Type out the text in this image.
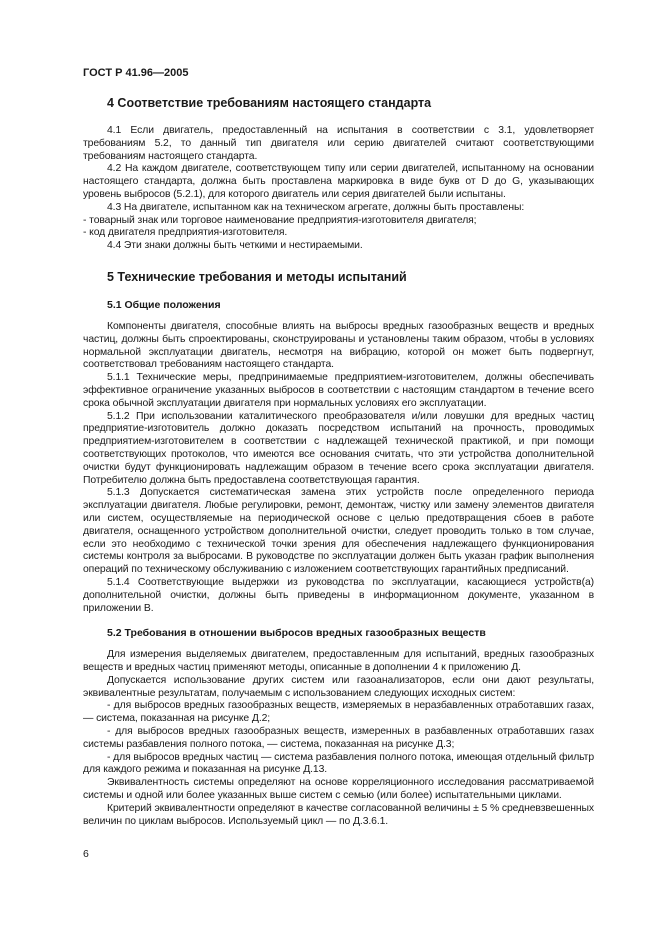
ГОСТ Р 41.96—2005
4 Соответствие требованиям настоящего стандарта

4.1 Если двигатель, предоставленный на испытания в соответствии с 3.1, удовлетворяет требованиям 5.2, то данный тип двигателя или серию двигателей считают соответствующими требованиям настоящего стандарта.

4.2 На каждом двигателе, соответствующем типу или серии двигателей, испытанному на основании настоящего стандарта, должна быть проставлена маркировка в виде букв от D до G, указывающих уровень выбросов (5.2.1), для которого двигатель или серия двигателей были испытаны.

4.3 На двигателе, испытанном как на техническом агрегате, должны быть проставлены:

- товарный знак или торговое наименование предприятия-изготовителя двигателя;

- код двигателя предприятия-изготовителя.

4.4 Эти знаки должны быть четкими и нестираемыми.

5 Технические требования и методы испытаний
5.1 Общие положения

Компоненты двигателя, способные влиять на выбросы вредных газообразных веществ и вредных частиц, должны быть спроектированы, сконструированы и установлены таким образом, чтобы в условиях нормальной эксплуатации двигатель, несмотря на вибрацию, которой он может быть подвергнут, соответствовал требованиям настоящего стандарта.

5.1.1 Технические меры, предпринимаемые предприятием-изготовителем, должны обеспечивать эффективное ограничение указанных выбросов в соответствии с настоящим стандартом в течение всего срока обычной эксплуатации двигателя при нормальных условиях его эксплуатации.

5.1.2 При использовании каталитического преобразователя и/или ловушки для вредных частиц предприятие-изготовитель должно доказать посредством испытаний на прочность, проводимых предприятием-изготовителем в соответствии с надлежащей технической практикой, и при помощи соответствующих протоколов, что имеются все основания считать, что эти устройства дополнительной очистки будут функционировать надлежащим образом в течение всего срока эксплуатации двигателя. Потребителю должна быть предоставлена соответствующая гарантия.

5.1.3 Допускается систематическая замена этих устройств после определенного периода эксплуатации двигателя. Любые регулировки, ремонт, демонтаж, чистку или замену элементов двигателя или систем, осуществляемые на периодической основе с целью предотвращения сбоев в работе двигателя, оснащенного устройством дополнительной очистки, следует проводить только в том случае, если это необходимо с технической точки зрения для обеспечения надлежащего функционирования системы контроля за выбросами. В руководстве по эксплуатации должен быть указан график выполнения операций по техническому обслуживанию с изложением соответствующих гарантийных предписаний.

5.1.4 Соответствующие выдержки из руководства по эксплуатации, касающиеся устройств(а) дополнительной очистки, должны быть приведены в информационном документе, указанном в приложении В.

5.2 Требования в отношении выбросов вредных газообразных веществ

Для измерения выделяемых двигателем, предоставленным для испытаний, вредных газообразных веществ и вредных частиц применяют методы, описанные в дополнении 4 к приложению Д.

Допускается использование других систем или газоанализаторов, если они дают результаты, эквивалентные результатам, получаемым с использованием следующих исходных систем:

- для выбросов вредных газообразных веществ, измеряемых в неразбавленных отработавших газах, — система, показанная на рисунке Д.2;

- для выбросов вредных газообразных веществ, измеренных в разбавленных отработавших газах системы разбавления полного потока, — система, показанная на рисунке Д.3;

- для выбросов вредных частиц — система разбавления полного потока, имеющая отдельный фильтр для каждого режима и показанная на рисунке Д.13.

Эквивалентность системы определяют на основе корреляционного исследования рассматриваемой системы и одной или более указанных выше систем с семью (или более) испытательными циклами.

Критерий эквивалентности определяют в качестве согласованной величины ± 5 % средневзвешенных величин по циклам выбросов. Используемый цикл — по Д.3.6.1.

6
